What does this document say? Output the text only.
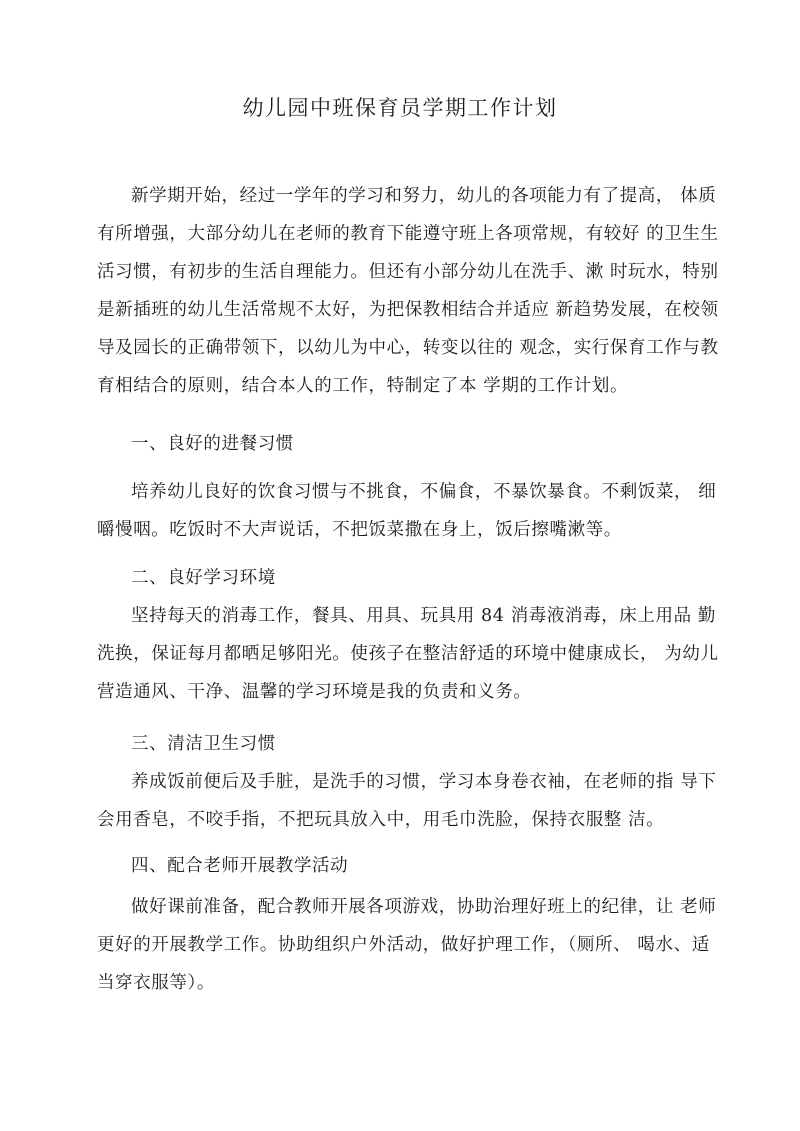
幼儿园中班保育员学期工作计划
新学期开始，经过一学年的学习和努力，幼儿的各项能力有了提高， 体质
有所增强，大部分幼儿在老师的教育下能遵守班上各项常规，有较好 的卫生生
活习惯，有初步的生活自理能力。但还有小部分幼儿在洗手、漱 时玩水，特别
是新插班的幼儿生活常规不太好，为把保教相结合并适应 新趋势发展，在校领
导及园长的正确带领下，以幼儿为中心，转变以往的 观念，实行保育工作与教
育相结合的原则，结合本人的工作，特制定了本 学期的工作计划。
一、良好的进餐习惯
培养幼儿良好的饮食习惯与不挑食，不偏食，不暴饮暴食。不剩饭菜， 细
嚼慢咽。吃饭时不大声说话，不把饭菜撒在身上，饭后擦嘴漱等。
二、良好学习环境
坚持每天的消毒工作，餐具、用具、玩具用 84 消毒液消毒，床上用品 勤
洗换，保证每月都晒足够阳光。使孩子在整洁舒适的环境中健康成长， 为幼儿
营造通风、干净、温馨的学习环境是我的负责和义务。
三、清洁卫生习惯
养成饭前便后及手脏，是洗手的习惯，学习本身卷衣袖，在老师的指 导下
会用香皂，不咬手指，不把玩具放入中，用毛巾洗脸，保持衣服整 洁。
四、配合老师开展教学活动
做好课前准备，配合教师开展各项游戏，协助治理好班上的纪律，让 老师
更好的开展教学工作。协助组织户外活动，做好护理工作，（厕所、 喝水、适
当穿衣服等）。
